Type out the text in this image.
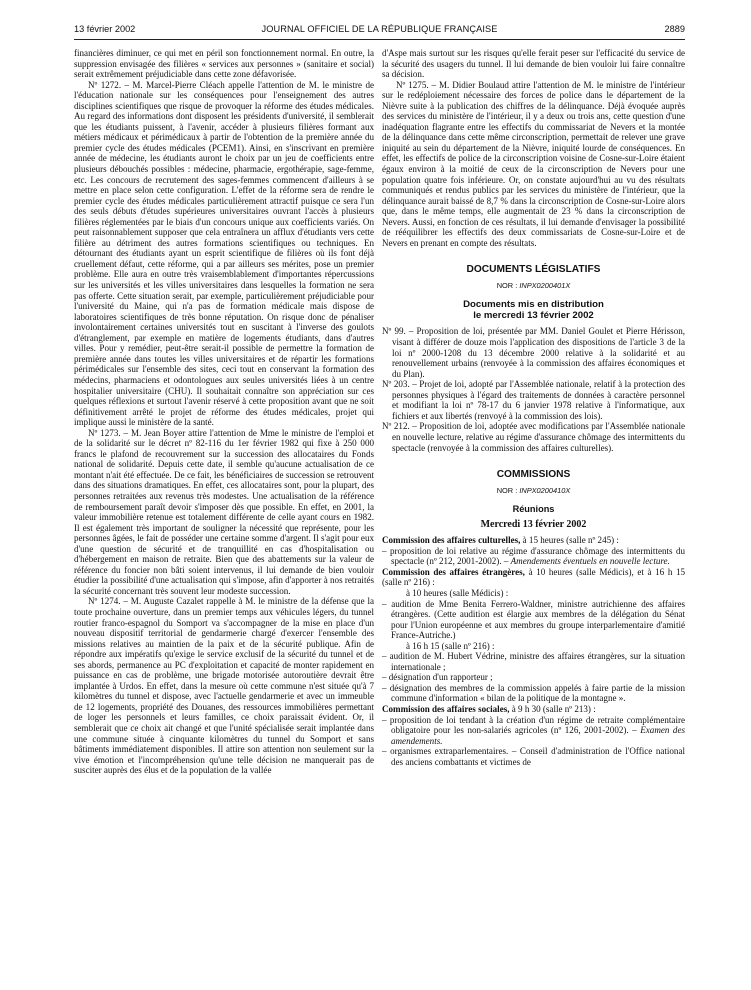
13 février 2002	JOURNAL OFFICIEL DE LA RÉPUBLIQUE FRANÇAISE	2889

financières diminuer, ce qui met en péril son fonctionnement normal. En outre, la suppression envisagée des filières « services aux personnes » (sanitaire et social) serait extrêmement préjudiciable dans cette zone défavorisée.

Nº 1272. – M. Marcel-Pierre Cléach appelle l'attention de M. le ministre de l'éducation nationale sur les conséquences pour l'enseignement des autres disciplines scientifiques que risque de provoquer la réforme des études médicales. Au regard des informations dont disposent les présidents d'université, il semblerait que les étudiants puissent, à l'avenir, accéder à plusieurs filières formant aux métiers médicaux et périmédicaux à partir de l'obtention de la première année du premier cycle des études médicales (PCEM1). Ainsi, en s'inscrivant en première année de médecine, les étudiants auront le choix par un jeu de coefficients entre plusieurs débouchés possibles : médecine, pharmacie, ergothérapie, sage-femme, etc. Les concours de recrutement des sages-femmes commencent d'ailleurs à se mettre en place selon cette configuration. L'effet de la réforme sera de rendre le premier cycle des études médicales particulièrement attractif puisque ce sera l'un des seuls débuts d'études supérieures universitaires ouvrant l'accès à plusieurs filières réglementées par le biais d'un concours unique aux coefficients variés. On peut raisonnablement supposer que cela entraînera un afflux d'étudiants vers cette filière au détriment des autres formations scientifiques ou techniques. En détournant des étudiants ayant un esprit scientifique de filières où ils font déjà cruellement défaut, cette réforme, qui a par ailleurs ses mérites, pose un premier problème. Elle aura en outre très vraisemblablement d'importantes répercussions sur les universités et les villes universitaires dans lesquelles la formation ne sera pas offerte. Cette situation serait, par exemple, particulièrement préjudiciable pour l'université du Maine, qui n'a pas de formation médicale mais dispose de laboratoires scientifiques de très bonne réputation. On risque donc de pénaliser involontairement certaines universités tout en suscitant à l'inverse des goulots d'étranglement, par exemple en matière de logements étudiants, dans d'autres villes. Pour y remédier, peut-être serait-il possible de permettre la formation de première année dans toutes les villes universitaires et de répartir les formations périmédicales sur l'ensemble des sites, ceci tout en conservant la formation des médecins, pharmaciens et odontologues aux seules universités liées à un centre hospitalier universitaire (CHU). Il souhaitait connaître son appréciation sur ces quelques réflexions et surtout l'avenir réservé à cette proposition avant que ne soit définitivement arrêté le projet de réforme des études médicales, projet qui implique aussi le ministère de la santé.

Nº 1273. – M. Jean Boyer attire l'attention de Mme le ministre de l'emploi et de la solidarité sur le décret nº 82-116 du 1er février 1982 qui fixe à 250 000 francs le plafond de recouvrement sur la succession des allocataires du Fonds national de solidarité. Depuis cette date, il semble qu'aucune actualisation de ce montant n'ait été effectuée. De ce fait, les bénéficiaires de succession se retrouvent dans des situations dramatiques. En effet, ces allocataires sont, pour la plupart, des personnes retraitées aux revenus très modestes. Une actualisation de la référence de remboursement paraît devoir s'imposer dès que possible. En effet, en 2001, la valeur immobilière retenue est totalement différente de celle ayant cours en 1982. Il est également très important de souligner la nécessité que représente, pour les personnes âgées, le fait de posséder une certaine somme d'argent. Il s'agit pour eux d'une question de sécurité et de tranquillité en cas d'hospitalisation ou d'hébergement en maison de retraite. Bien que des abattements sur la valeur de référence du foncier non bâti soient intervenus, il lui demande de bien vouloir étudier la possibilité d'une actualisation qui s'impose, afin d'apporter à nos retraités la sécurité concernant très souvent leur modeste succession.

Nº 1274. – M. Auguste Cazalet rappelle à M. le ministre de la défense que la toute prochaine ouverture, dans un premier temps aux véhicules légers, du tunnel routier franco-espagnol du Somport va s'accompagner de la mise en place d'un nouveau dispositif territorial de gendarmerie chargé d'exercer l'ensemble des missions relatives au maintien de la paix et de la sécurité publique. Afin de répondre aux impératifs qu'exige le service exclusif de la sécurité du tunnel et de ses abords, permanence au PC d'exploitation et capacité de monter rapidement en puissance en cas de problème, une brigade motorisée autoroutière devrait être implantée à Urdos. En effet, dans la mesure où cette commune n'est située qu'à 7 kilomètres du tunnel et dispose, avec l'actuelle gendarmerie et avec un immeuble de 12 logements, propriété des Douanes, des ressources immobilières permettant de loger les personnels et leurs familles, ce choix paraissait évident. Or, il semblerait que ce choix ait changé et que l'unité spécialisée serait implantée dans une commune située à cinquante kilomètres du tunnel du Somport et sans bâtiments immédiatement disponibles. Il attire son attention non seulement sur la vive émotion et l'incompréhension qu'une telle décision ne manquerait pas de susciter auprès des élus et de la population de la vallée

d'Aspe mais surtout sur les risques qu'elle ferait peser sur l'efficacité du service de la sécurité des usagers du tunnel. Il lui demande de bien vouloir lui faire connaître sa décision.

Nº 1275. – M. Didier Boulaud attire l'attention de M. le ministre de l'intérieur sur le redéploiement nécessaire des forces de police dans le département de la Nièvre suite à la publication des chiffres de la délinquance. Déjà évoquée auprès des services du ministère de l'intérieur, il y a deux ou trois ans, cette question d'une inadéquation flagrante entre les effectifs du commissariat de Nevers et la montée de la délinquance dans cette même circonscription, permettait de relever une grave iniquité au sein du département de la Nièvre, iniquité lourde de conséquences. En effet, les effectifs de police de la circonscription voisine de Cosne-sur-Loire étaient égaux environ à la moitié de ceux de la circonscription de Nevers pour une population quatre fois inférieure. Or, on constate aujourd'hui au vu des résultats communiqués et rendus publics par les services du ministère de l'intérieur, que la délinquance aurait baissé de 8,7 % dans la circonscription de Cosne-sur-Loire alors que, dans le même temps, elle augmentait de 23 % dans la circonscription de Nevers. Aussi, en fonction de ces résultats, il lui demande d'envisager la possibilité de rééquilibrer les effectifs des deux commissariats de Cosne-sur-Loire et de Nevers en prenant en compte des résultats.

DOCUMENTS LÉGISLATIFS
NOR : INPX0200401X
Documents mis en distribution
le mercredi 13 février 2002

Nº 99. – Proposition de loi, présentée par MM. Daniel Goulet et Pierre Hérisson, visant à différer de douze mois l'application des dispositions de l'article 3 de la loi nº 2000-1208 du 13 décembre 2000 relative à la solidarité et au renouvellement urbains (renvoyée à la commission des affaires économiques et du Plan).

Nº 203. – Projet de loi, adopté par l'Assemblée nationale, relatif à la protection des personnes physiques à l'égard des traitements de données à caractère personnel et modifiant la loi nº 78-17 du 6 janvier 1978 relative à l'informatique, aux fichiers et aux libertés (renvoyé à la commission des lois).

Nº 212. – Proposition de loi, adoptée avec modifications par l'Assemblée nationale en nouvelle lecture, relative au régime d'assurance chômage des intermittents du spectacle (renvoyée à la commission des affaires culturelles).

COMMISSIONS
NOR : INPX0200410X
Réunions
Mercredi 13 février 2002

Commission des affaires culturelles, à 15 heures (salle nº 245) :

– proposition de loi relative au régime d'assurance chômage des intermittents du spectacle (nº 212, 2001-2002). – Amendements éventuels en nouvelle lecture.

Commission des affaires étrangères, à 10 heures (salle Médicis), et à 16 h 15 (salle nº 216) :

à 10 heures (salle Médicis) :

– audition de Mme Benita Ferrero-Waldner, ministre autrichienne des affaires étrangères. (Cette audition est élargie aux membres de la délégation du Sénat pour l'Union européenne et aux membres du groupe interparlementaire d'amitié France-Autriche.)

à 16 h 15 (salle nº 216) :

– audition de M. Hubert Védrine, ministre des affaires étrangères, sur la situation internationale ;

– désignation d'un rapporteur ;

– désignation des membres de la commission appelés à faire partie de la mission commune d'information « bilan de la politique de la montagne ».

Commission des affaires sociales, à 9 h 30 (salle nº 213) :

– proposition de loi tendant à la création d'un régime de retraite complémentaire obligatoire pour les non-salariés agricoles (nº 126, 2001-2002). – Examen des amendements.

– organismes extraparlementaires. – Conseil d'administration de l'Office national des anciens combattants et victimes de
